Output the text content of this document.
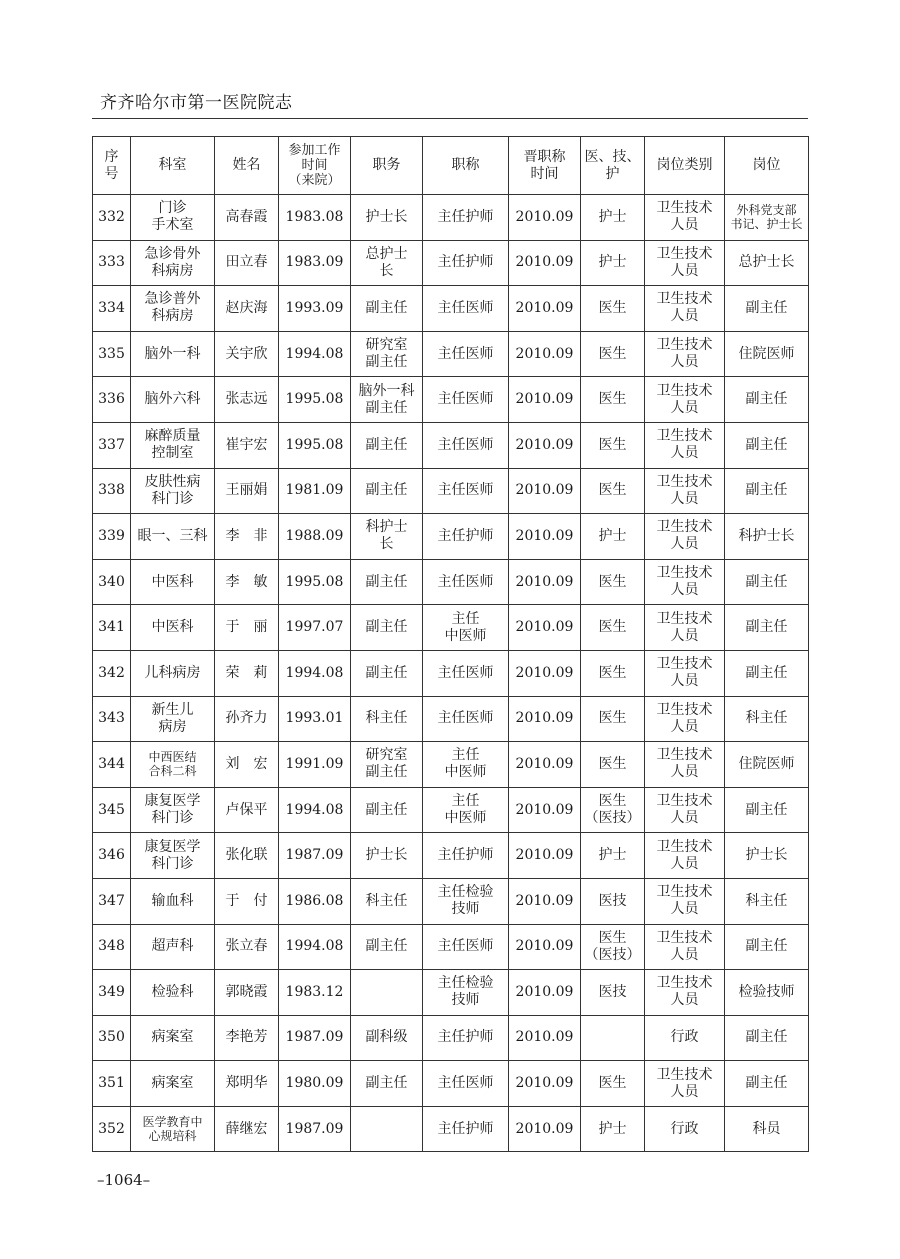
齐齐哈尔市第一医院院志
序
号	科室	姓名	参加工作
时间
（来院）	职务	职称	晋职称
时间	医、技、
护	岗位类别	岗位
332	门诊
手术室	高春霞	1983.08	护士长	主任护师	2010.09	护士	卫生技术
人员	外科党支部
书记、护士长
333	急诊骨外
科病房	田立春	1983.09	总护士
长	主任护师	2010.09	护士	卫生技术
人员	总护士长
334	急诊普外
科病房	赵庆海	1993.09	副主任	主任医师	2010.09	医生	卫生技术
人员	副主任
335	脑外一科	关宇欣	1994.08	研究室
副主任	主任医师	2010.09	医生	卫生技术
人员	住院医师
336	脑外六科	张志远	1995.08	脑外一科
副主任	主任医师	2010.09	医生	卫生技术
人员	副主任
337	麻醉质量
控制室	崔宇宏	1995.08	副主任	主任医师	2010.09	医生	卫生技术
人员	副主任
338	皮肤性病
科门诊	王丽娟	1981.09	副主任	主任医师	2010.09	医生	卫生技术
人员	副主任
339	眼一、三科	李　非	1988.09	科护士
长	主任护师	2010.09	护士	卫生技术
人员	科护士长
340	中医科	李　敏	1995.08	副主任	主任医师	2010.09	医生	卫生技术
人员	副主任
341	中医科	于　丽	1997.07	副主任	主任
中医师	2010.09	医生	卫生技术
人员	副主任
342	儿科病房	荣　莉	1994.08	副主任	主任医师	2010.09	医生	卫生技术
人员	副主任
343	新生儿
病房	孙齐力	1993.01	科主任	主任医师	2010.09	医生	卫生技术
人员	科主任
344	中西医结
合科二科	刘　宏	1991.09	研究室
副主任	主任
中医师	2010.09	医生	卫生技术
人员	住院医师
345	康复医学
科门诊	卢保平	1994.08	副主任	主任
中医师	2010.09	医生
（医技）	卫生技术
人员	副主任
346	康复医学
科门诊	张化联	1987.09	护士长	主任护师	2010.09	护士	卫生技术
人员	护士长
347	输血科	于　付	1986.08	科主任	主任检验
技师	2010.09	医技	卫生技术
人员	科主任
348	超声科	张立春	1994.08	副主任	主任医师	2010.09	医生
（医技）	卫生技术
人员	副主任
349	检验科	郭晓霞	1983.12		主任检验
技师	2010.09	医技	卫生技术
人员	检验技师
350	病案室	李艳芳	1987.09	副科级	主任护师	2010.09		行政	副主任
351	病案室	郑明华	1980.09	副主任	主任医师	2010.09	医生	卫生技术
人员	副主任
352	医学教育中
心规培科	薛继宏	1987.09		主任护师	2010.09	护士	行政	科员
–1064–
